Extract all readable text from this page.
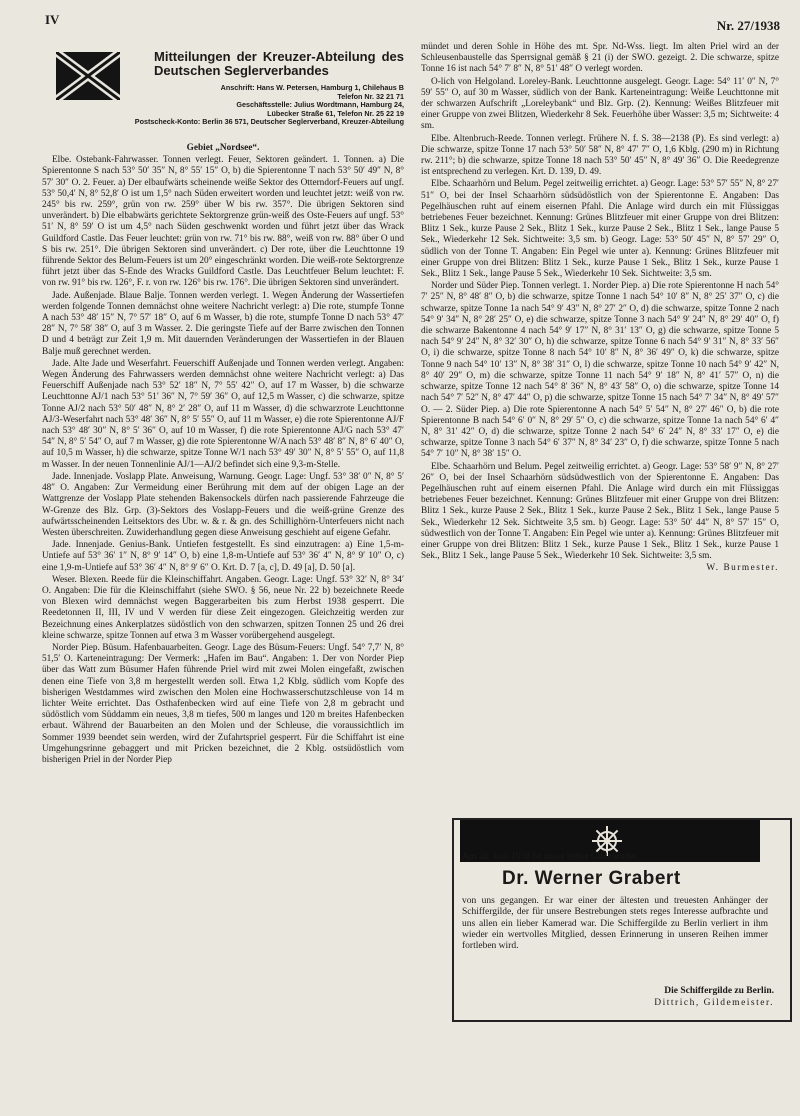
IV	Nr. 27/1938
Mitteilungen der Kreuzer-Abteilung des Deutschen Seglerverbandes
Anschrift: Hans W. Petersen, Hamburg 1, Chilehaus B
Telefon Nr. 32 21 71
Geschäftsstelle: Julius Wordtmann, Hamburg 24,
Lübecker Straße 61, Telefon Nr. 25 22 19
Postscheck-Konto: Berlin 36 571, Deutscher Seglerverband, Kreuzer-Abteilung

Gebiet „Nordsee“.

Elbe. Ostebank-Fahrwasser. Tonnen verlegt. Feuer, Sektoren geändert. 1. Tonnen. a) Die Spierentonne S nach 53° 50′ 35″ N, 8° 55′ 15″ O, b) die Spierentonne T nach 53° 50′ 49″ N, 8° 57′ 30″ O. 2. Feuer. a) Der elbaufwärts scheinende weiße Sektor des Otterndorf-Feuers auf ungf. 53° 50,4′ N, 8° 52,8′ O ist um 1,5° nach Süden erweitert worden und leuchtet jetzt: weiß von rw. 245° bis rw. 259°, grün von rw. 259° über W bis rw. 357°. Die übrigen Sektoren sind unverändert. b) Die elbabwärts gerichtete Sektorgrenze grün-weiß des Oste-Feuers auf ungf. 53° 51′ N, 8° 59′ O ist um 4,5° nach Süden geschwenkt worden und führt jetzt über das Wrack Guildford Castle. Das Feuer leuchtet: grün von rw. 71° bis rw. 88°, weiß von rw. 88° über O und S bis rw. 251°. Die übrigen Sektoren sind unverändert. c) Der rote, über die Leuchttonne 19 führende Sektor des Belum-Feuers ist um 20° eingeschränkt worden. Die weiß-rote Sektorgrenze führt jetzt über das S-Ende des Wracks Guildford Castle. Das Leuchtfeuer Belum leuchtet: F. von rw. 91° bis rw. 126°, F. r. von rw. 126° bis rw. 176°. Die übrigen Sektoren sind unverändert.

Jade. Außenjade. Blaue Balje. Tonnen werden verlegt. 1. Wegen Änderung der Wassertiefen werden folgende Tonnen demnächst ohne weitere Nachricht verlegt: a) Die rote, stumpfe Tonne A nach 53° 48′ 15″ N, 7° 57′ 18″ O, auf 6 m Wasser, b) die rote, stumpfe Tonne D nach 53° 47′ 28″ N, 7° 58′ 38″ O, auf 3 m Wasser. 2. Die geringste Tiefe auf der Barre zwischen den Tonnen D und 4 beträgt zur Zeit 1,9 m. Mit dauernden Veränderungen der Wassertiefen in der Blauen Balje muß gerechnet werden.

Jade. Alte Jade und Weserfahrt. Feuerschiff Außenjade und Tonnen werden verlegt. Angaben: Wegen Änderung des Fahrwassers werden demnächst ohne weitere Nachricht verlegt: a) Das Feuerschiff Außenjade nach 53° 52′ 18″ N, 7° 55′ 42″ O, auf 17 m Wasser, b) die schwarze Leuchttonne AJ/1 nach 53° 51′ 36″ N, 7° 59′ 36″ O, auf 12,5 m Wasser, c) die schwarze, spitze Tonne AJ/2 nach 53° 50′ 48″ N, 8° 2′ 28″ O, auf 11 m Wasser, d) die schwarzrote Leuchttonne AJ/3-Weserfahrt nach 53° 48′ 36″ N, 8° 5′ 55″ O, auf 11 m Wasser, e) die rote Spierentonne AJ/F nach 53° 48′ 30″ N, 8° 5′ 36″ O, auf 10 m Wasser, f) die rote Spierentonne AJ/G nach 53° 47′ 54″ N, 8° 5′ 54″ O, auf 7 m Wasser, g) die rote Spierentonne W/A nach 53° 48′ 8″ N, 8° 6′ 40″ O, auf 10,5 m Wasser, h) die schwarze, spitze Tonne W/1 nach 53° 49′ 30″ N, 8° 5′ 55″ O, auf 11,8 m Wasser. In der neuen Tonnenlinie AJ/1—AJ/2 befindet sich eine 9,3-m-Stelle.

Jade. Innenjade. Voslapp Plate. Anweisung, Warnung. Geogr. Lage: Ungf. 53° 38′ 0″ N, 8° 5′ 48″ O. Angaben: Zur Vermeidung einer Berührung mit dem auf der obigen Lage an der Wattgrenze der Voslapp Plate stehenden Bakensockels dürfen nach passierende Fahrzeuge die W-Grenze des Blz. Grp. (3)-Sektors des Voslapp-Feuers und die weiß-grüne Grenze des aufwärtsscheinenden Leitsektors des Ubr. w. & r. & gn. des Schillighörn-Unterfeuers nicht nach Westen überschreiten. Zuwiderhandlung gegen diese Anweisung geschieht auf eigene Gefahr.

Jade. Innenjade. Genius-Bank. Untiefen festgestellt. Es sind einzutragen: a) Eine 1,5-m-Untiefe auf 53° 36′ 1″ N, 8° 9′ 14″ O, b) eine 1,8-m-Untiefe auf 53° 36′ 4″ N, 8° 9′ 10″ O, c) eine 1,9-m-Untiefe auf 53° 36′ 4″ N, 8° 9′ 6″ O. Krt. D. 7 [a, c], D. 49 [a], D. 50 [a].

Weser. Blexen. Reede für die Kleinschiffahrt. Angaben. Geogr. Lage: Ungf. 53° 32′ N, 8° 34′ O. Angaben: Die für die Kleinschiffahrt (siehe SWO. § 56, neue Nr. 22 b) bezeichnete Reede von Blexen wird demnächst wegen Baggerarbeiten bis zum Herbst 1938 gesperrt. Die Reedetonnen II, III, IV und V werden für diese Zeit eingezogen. Gleichzeitig werden zur Bezeichnung eines Ankerplatzes südöstlich von den schwarzen, spitzen Tonnen 25 und 26 drei kleine schwarze, spitze Tonnen auf etwa 3 m Wasser vorübergehend ausgelegt.

Norder Piep. Büsum. Hafenbauarbeiten. Geogr. Lage des Büsum-Feuers: Ungf. 54° 7,7′ N, 8° 51,5′ O. Karteneintragung: Der Vermerk: „Hafen im Bau“. Angaben: 1. Der von Norder Piep über das Watt zum Büsumer Hafen führende Priel wird mit zwei Molen eingefaßt, zwischen denen eine Tiefe von 3,8 m hergestellt werden soll. Etwa 1,2 Kblg. südlich vom Kopfe des bisherigen Westdammes wird zwischen den Molen eine Hochwasserschutzschleuse von 14 m lichter Weite errichtet. Das Osthafenbecken wird auf eine Tiefe von 2,8 m gebracht und südöstlich vom Süddamm ein neues, 3,8 m tiefes, 500 m langes und 120 m breites Hafenbecken erbaut. Während der Bauarbeiten an den Molen und der Schleuse, die voraussichtlich im Sommer 1939 beendet sein werden, wird der Zufahrtspriel gesperrt. Für die Schiffahrt ist eine Umgehungsrinne gebaggert und mit Pricken bezeichnet, die 2 Kblg. ostsüdöstlich vom bisherigen Priel in der Norder Piep

mündet und deren Sohle in Höhe des mt. Spr. Nd-Wss. liegt. Im alten Priel wird an der Schleusenbaustelle das Sperrsignal gemäß § 21 (i) der SWO. gezeigt. 2. Die schwarze, spitze Tonne 16 ist nach 54° 7′ 8″ N, 8° 51′ 48″ O verlegt worden.

O-lich von Helgoland. Loreley-Bank. Leuchttonne ausgelegt. Geogr. Lage: 54° 11′ 0″ N, 7° 59′ 55″ O, auf 30 m Wasser, südlich von der Bank. Karteneintragung: Weiße Leuchttonne mit der schwarzen Aufschrift „Loreleybank“ und Blz. Grp. (2). Kennung: Weißes Blitzfeuer mit einer Gruppe von zwei Blitzen, Wiederkehr 8 Sek. Feuerhöhe über Wasser: 3,5 m; Sichtweite: 4 sm.

Elbe. Altenbruch-Reede. Tonnen verlegt. Frühere N. f. S. 38—2138 (P). Es sind verlegt: a) Die schwarze, spitze Tonne 17 nach 53° 50′ 58″ N, 8° 47′ 7″ O, 1,6 Kblg. (290 m) in Richtung rw. 211°; b) die schwarze, spitze Tonne 18 nach 53° 50′ 45″ N, 8° 49′ 36″ O. Die Reedegrenze ist entsprechend zu verlegen. Krt. D. 139, D. 49.

Elbe. Schaarhörn und Belum. Pegel zeitweilig errichtet. a) Geogr. Lage: 53° 57′ 55″ N, 8° 27′ 51″ O, bei der Insel Schaarhörn südsüdöstlich von der Spierentonne E. Angaben: Das Pegelhäuschen ruht auf einem eisernen Pfahl. Die Anlage wird durch ein mit Flüssiggas betriebenes Feuer bezeichnet. Kennung: Grünes Blitzfeuer mit einer Gruppe von drei Blitzen: Blitz 1 Sek., kurze Pause 2 Sek., Blitz 1 Sek., kurze Pause 2 Sek., Blitz 1 Sek., lange Pause 5 Sek., Wiederkehr 12 Sek. Sichtweite: 3,5 sm. b) Geogr. Lage: 53° 50′ 45″ N, 8° 57′ 29″ O, südlich von der Tonne T. Angaben: Ein Pegel wie unter a). Kennung: Grünes Blitzfeuer mit einer Gruppe von drei Blitzen: Blitz 1 Sek., kurze Pause 1 Sek., Blitz 1 Sek., kurze Pause 1 Sek., Blitz 1 Sek., lange Pause 5 Sek., Wiederkehr 10 Sek. Sichtweite: 3,5 sm.

Norder und Süder Piep. Tonnen verlegt. 1. Norder Piep. a) Die rote Spierentonne H nach 54° 7′ 25″ N, 8° 48′ 8″ O, b) die schwarze, spitze Tonne 1 nach 54° 10′ 8″ N, 8° 25′ 37″ O, c) die schwarze, spitze Tonne 1a nach 54° 9′ 43″ N, 8° 27′ 2″ O, d) die schwarze, spitze Tonne 2 nach 54° 9′ 34″ N, 8° 28′ 25″ O, e) die schwarze, spitze Tonne 3 nach 54° 9′ 24″ N, 8° 29′ 40″ O, f) die schwarze Bakentonne 4 nach 54° 9′ 17″ N, 8° 31′ 13″ O, g) die schwarze, spitze Tonne 5 nach 54° 9′ 24″ N, 8° 32′ 30″ O, h) die schwarze, spitze Tonne 6 nach 54° 9′ 31″ N, 8° 33′ 56″ O, i) die schwarze, spitze Tonne 8 nach 54° 10′ 8″ N, 8° 36′ 49″ O, k) die schwarze, spitze Tonne 9 nach 54° 10′ 13″ N, 8° 38′ 31″ O, l) die schwarze, spitze Tonne 10 nach 54° 9′ 42″ N, 8° 40′ 29″ O, m) die schwarze, spitze Tonne 11 nach 54° 9′ 18″ N, 8° 41′ 57″ O, n) die schwarze, spitze Tonne 12 nach 54° 8′ 36″ N, 8° 43′ 58″ O, o) die schwarze, spitze Tonne 14 nach 54° 7′ 52″ N, 8° 47′ 44″ O, p) die schwarze, spitze Tonne 15 nach 54° 7′ 34″ N, 8° 49′ 57″ O. — 2. Süder Piep. a) Die rote Spierentonne A nach 54° 5′ 54″ N, 8° 27′ 46″ O, b) die rote Spierentonne B nach 54° 6′ 0″ N, 8° 29′ 5″ O, c) die schwarze, spitze Tonne 1a nach 54° 6′ 4″ N, 8° 31′ 42″ O, d) die schwarze, spitze Tonne 2 nach 54° 6′ 24″ N, 8° 33′ 17″ O, e) die schwarze, spitze Tonne 3 nach 54° 6′ 37″ N, 8° 34′ 23″ O, f) die schwarze, spitze Tonne 5 nach 54° 7′ 10″ N, 8° 38′ 15″ O.

Elbe. Schaarhörn und Belum. Pegel zeitweilig errichtet. a) Geogr. Lage: 53° 58′ 9″ N, 8° 27′ 26″ O, bei der Insel Schaarhörn südsüdwestlich von der Spierentonne E. Angaben: Das Pegelhäuschen ruht auf einem eisernen Pfahl. Die Anlage wird durch ein mit Flüssiggas betriebenes Feuer bezeichnet. Kennung: Grünes Blitzfeuer mit einer Gruppe von drei Blitzen: Blitz 1 Sek., kurze Pause 2 Sek., Blitz 1 Sek., kurze Pause 2 Sek., Blitz 1 Sek., lange Pause 5 Sek., Wiederkehr 12 Sek. Sichtweite 3,5 sm. b) Geogr. Lage: 53° 50′ 44″ N, 8° 57′ 15″ O, südwestlich von der Tonne T. Angaben: Ein Pegel wie unter a). Kennung: Grünes Blitzfeuer mit einer Gruppe von drei Blitzen: Blitz 1 Sek., kurze Pause 1 Sek., Blitz 1 Sek., kurze Pause 1 Sek., Blitz 1 Sek., lange Pause 5 Sek., Wiederkehr 10 Sek. Sichtweite: 3,5 sm.

W. Burmester.

Am 28. Juni 1938 ist unser lieber Gildebruder
Dr. Werner Grabert
von uns gegangen. Er war einer der ältesten und treuesten Anhänger der Schiffergilde, der für unsere Bestrebungen stets reges Interesse aufbrachte und uns allen ein lieber Kamerad war. Die Schiffergilde zu Berlin verliert in ihm wieder ein wertvolles Mitglied, dessen Erinnerung in unseren Reihen immer fortleben wird.
Die Schiffergilde zu Berlin.
Dittrich, Gildemeister.
